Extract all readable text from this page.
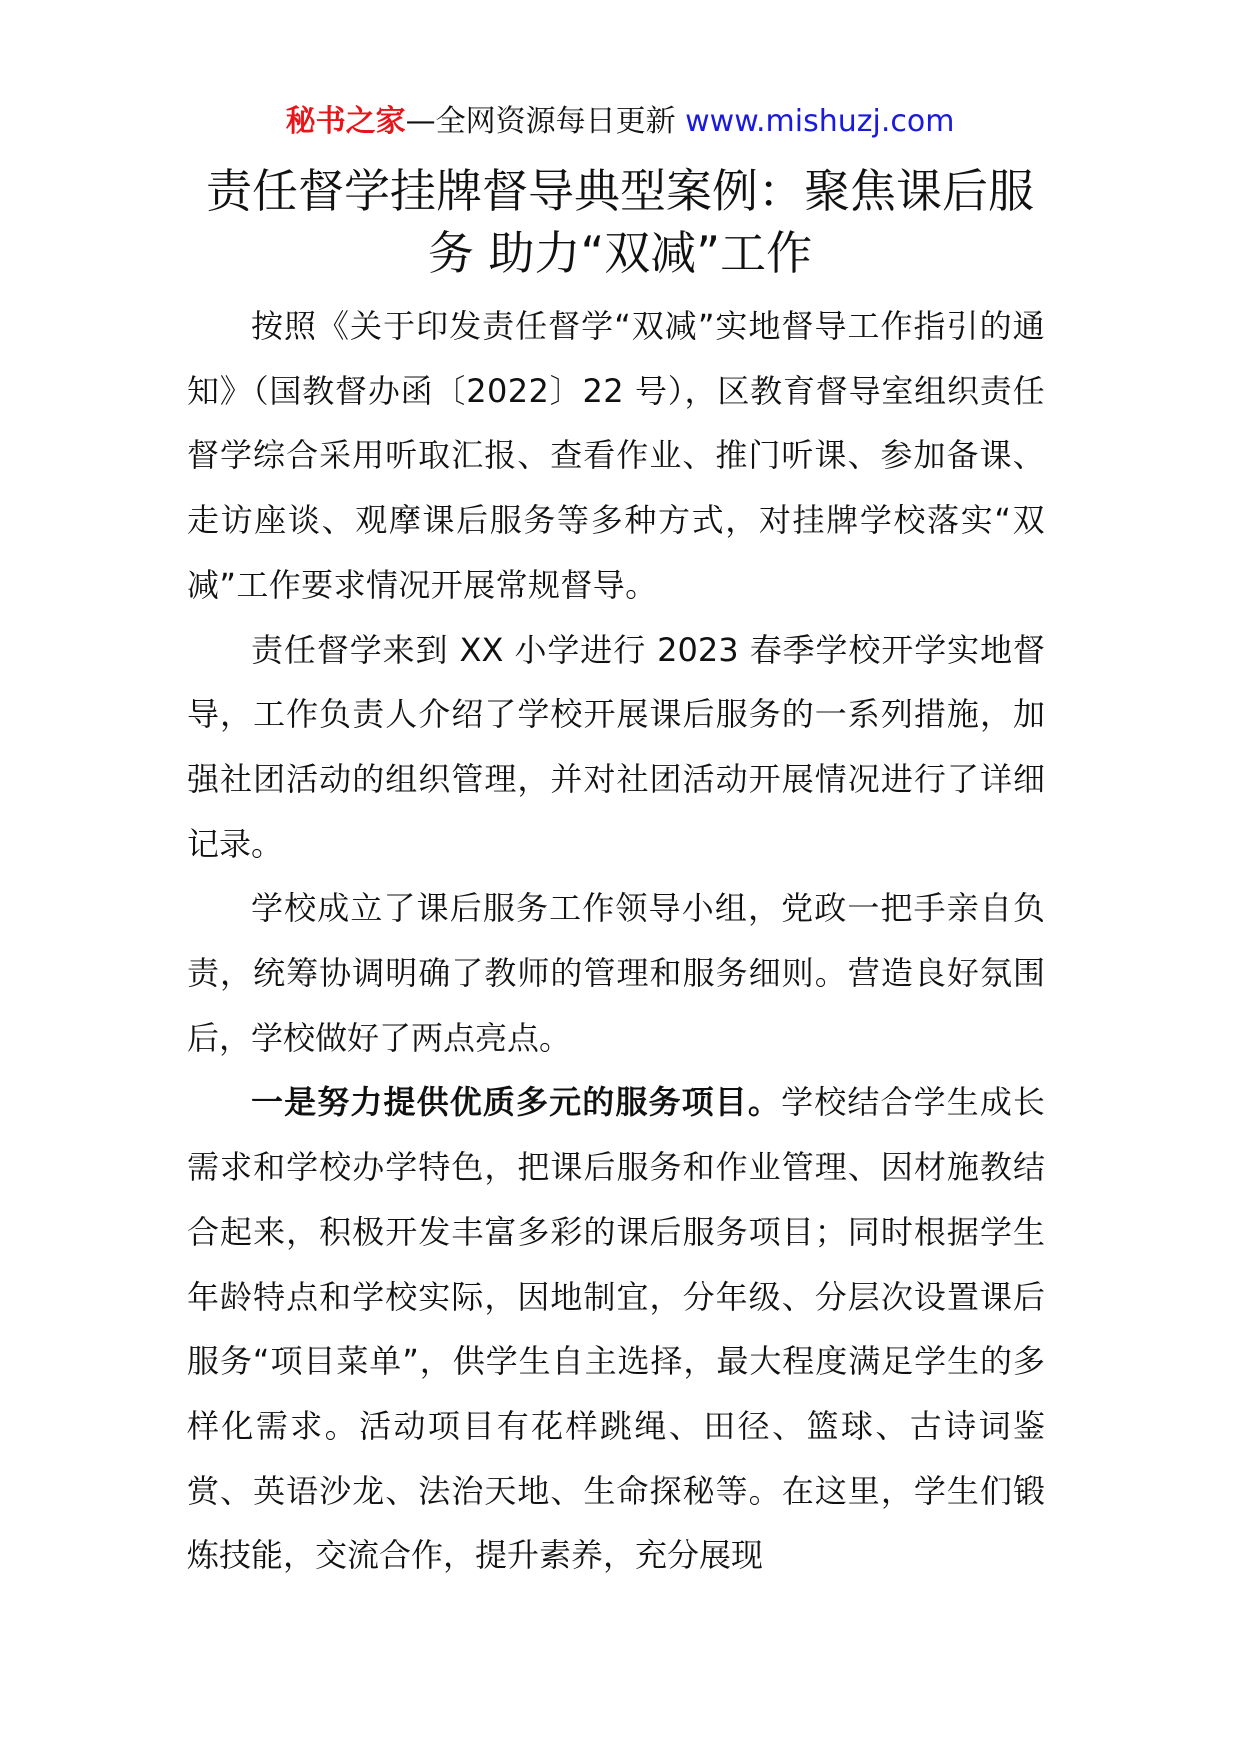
秘书之家—全网资源每日更新 www.mishuzj.com
责任督学挂牌督导典型案例：聚焦课后服
务 助力“双减”工作

按照《关于印发责任督学“双减”实地督导工作指引的通知》（国教督办函〔2022〕22 号），区教育督导室组织责任督学综合采用听取汇报、查看作业、推门听课、参加备课、走访座谈、观摩课后服务等多种方式，对挂牌学校落实“双减”工作要求情况开展常规督导。

责任督学来到 XX 小学进行 2023 春季学校开学实地督导，工作负责人介绍了学校开展课后服务的一系列措施，加强社团活动的组织管理，并对社团活动开展情况进行了详细记录。

学校成立了课后服务工作领导小组，党政一把手亲自负责，统筹协调明确了教师的管理和服务细则。营造良好氛围后，学校做好了两点亮点。

一是努力提供优质多元的服务项目。学校结合学生成长需求和学校办学特色，把课后服务和作业管理、因材施教结合起来，积极开发丰富多彩的课后服务项目；同时根据学生年龄特点和学校实际，因地制宜，分年级、分层次设置课后服务“项目菜单”，供学生自主选择，最大程度满足学生的多样化需求。活动项目有花样跳绳、田径、篮球、古诗词鉴赏、英语沙龙、法治天地、生命探秘等。在这里，学生们锻炼技能，交流合作，提升素养，充分展现
